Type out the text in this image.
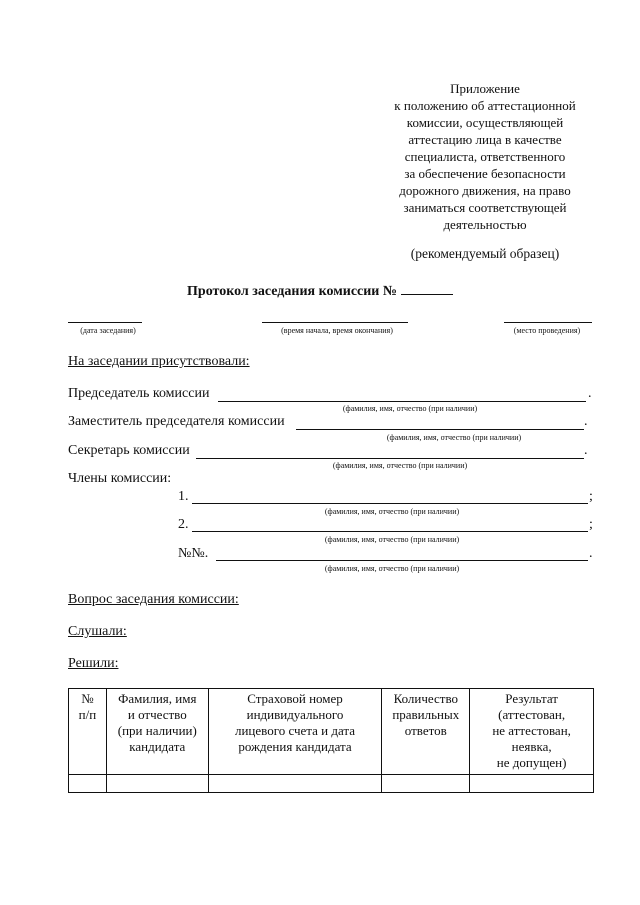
Приложение
к положению об аттестационной
комиссии, осуществляющей
аттестацию лица в качестве
специалиста, ответственного
за обеспечение безопасности
дорожного движения, на право
заниматься соответствующей
деятельностью
(рекомендуемый образец)
Протокол заседания комиссии №
(дата заседания)	(время начала, время окончания)	(место проведения)
На заседании присутствовали:
Председатель комиссии	.
(фамилия, имя, отчество (при наличии)
Заместитель председателя комиссии	.
(фамилия, имя, отчество (при наличии)
Секретарь комиссии	.
(фамилия, имя, отчество (при наличии)
Члены комиссии:
1.	;
(фамилия, имя, отчество (при наличии)
2.	;
(фамилия, имя, отчество (при наличии)
№№.	.
(фамилия, имя, отчество (при наличии)
Вопрос заседания комиссии:
Слушали:
Решили:
№
п/п	Фамилия, имя
и отчество
(при наличии)
кандидата	Страховой номер
индивидуального
лицевого счета и дата
рождения кандидата	Количество
правильных
ответов	Результат
(аттестован,
не аттестован,
неявка,
не допущен)
